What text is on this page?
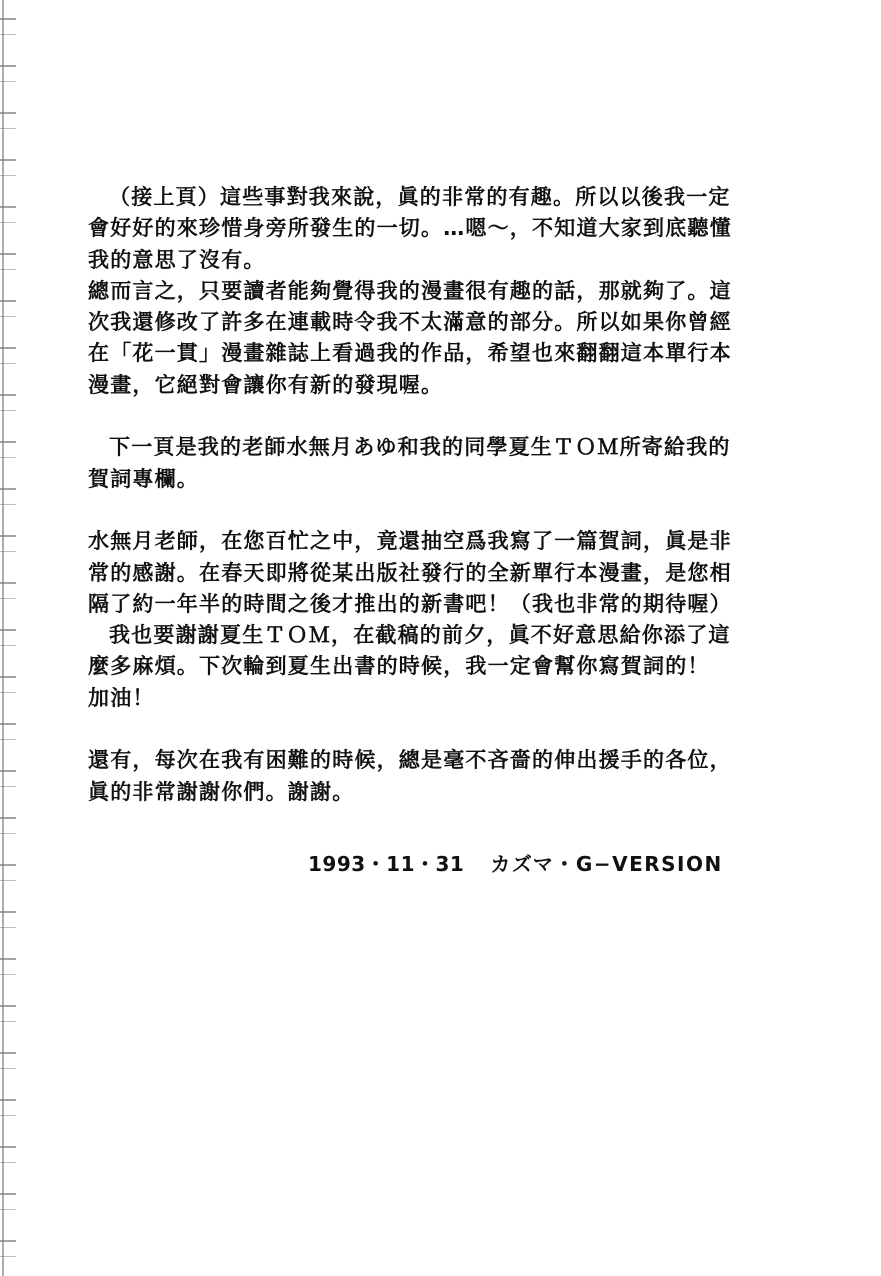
（接上頁）這些事對我來說，眞的非常的有趣。所以以後我一定
會好好的來珍惜身旁所發生的一切。…嗯～，不知道大家到底聽懂
我的意思了沒有。
總而言之，只要讀者能夠覺得我的漫畫很有趣的話，那就夠了。這
次我還修改了許多在連載時令我不太滿意的部分。所以如果你曾經
在「花一貫」漫畫雜誌上看過我的作品，希望也來翻翻這本單行本
漫畫，它絕對會讓你有新的發現喔。
下一頁是我的老師水無月あゆ和我的同學夏生ＴＯＭ所寄給我的
賀詞專欄。
水無月老師，在您百忙之中，竟還抽空爲我寫了一篇賀詞，眞是非
常的感謝。在春天即將從某出版社發行的全新單行本漫畫，是您相
隔了約一年半的時間之後才推出的新書吧！（我也非常的期待喔）
我也要謝謝夏生ＴＯＭ，在截稿的前夕，眞不好意思給你添了這
麼多麻煩。下次輪到夏生出書的時候，我一定會幫你寫賀詞的！
加油！
還有，每次在我有困難的時候，總是毫不吝嗇的伸出援手的各位，
眞的非常謝謝你們。謝謝。
1993・11・31 カズマ・G−VERSION
